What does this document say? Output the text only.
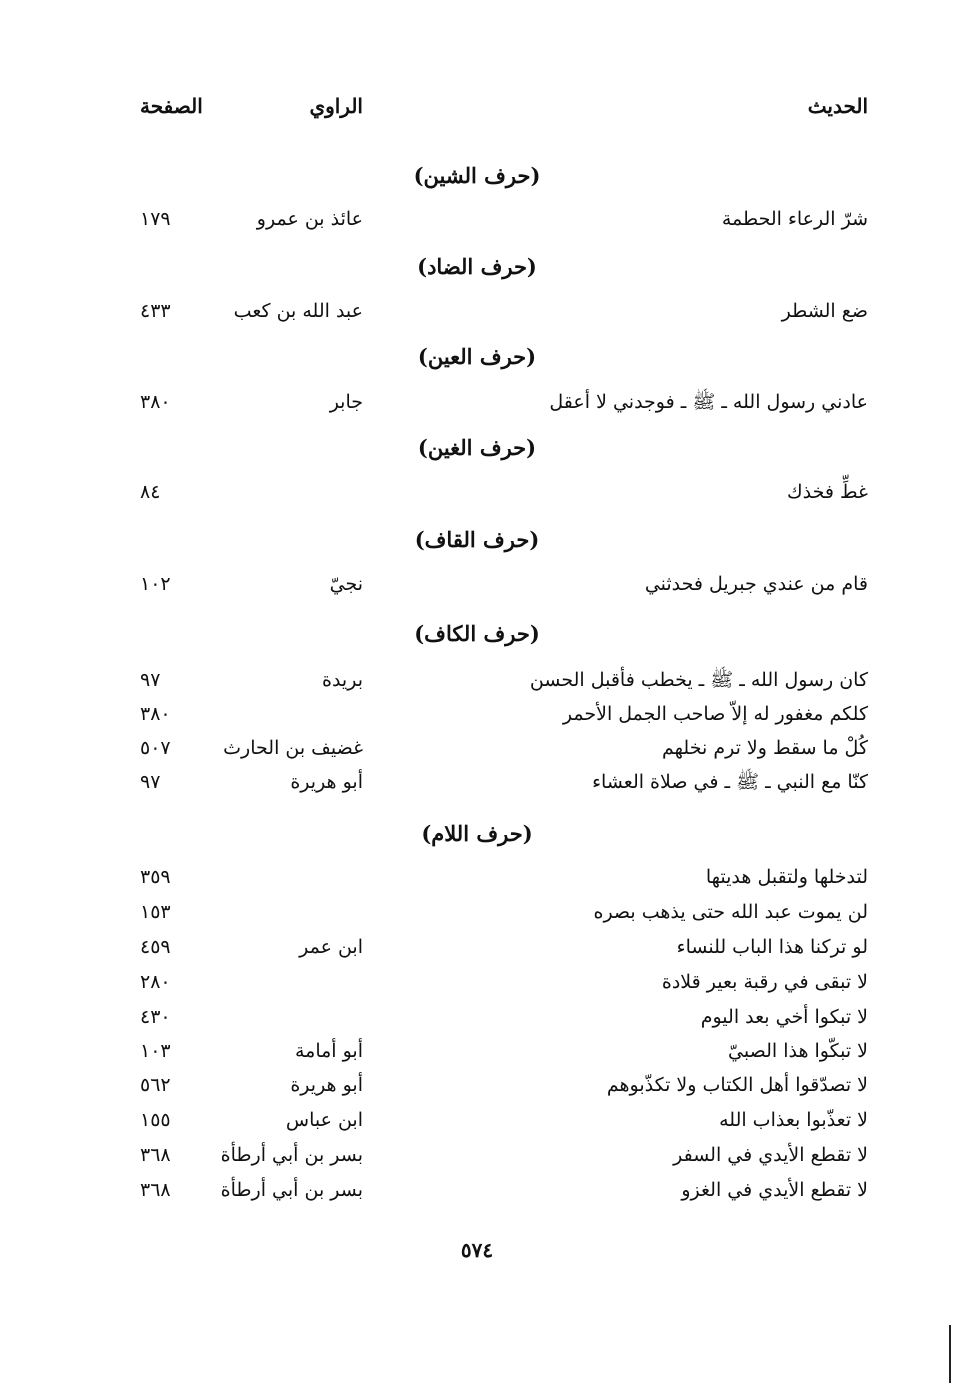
الحديث
الراوي
الصفحة
(حرف الشين)
شرّ الرعاء الحطمة
عائذ بن عمرو
١٧٩
(حرف الضاد)
ضع الشطر
عبد الله بن كعب
٤٣٣
(حرف العين)
عادني رسول الله ـ ﷺ ـ فوجدني لا أعقل
جابر
٣٨٠
(حرف الغين)
غطِّ فخذك
٨٤
(حرف القاف)
قام من عندي جبريل فحدثني
نجيّ
١٠٢
(حرف الكاف)
كان رسول الله ـ ﷺ ـ يخطب فأقبل الحسن
بريدة
٩٧
كلكم مغفور له إلاّ صاحب الجمل الأحمر
٣٨٠
كُلْ ما سقط ولا ترم نخلهم
غضيف بن الحارث
٥٠٧
كنّا مع النبي ـ ﷺ ـ في صلاة العشاء
أبو هريرة
٩٧
(حرف اللام)
لتدخلها ولتقبل هديتها
٣٥٩
لن يموت عبد الله حتى يذهب بصره
١٥٣
لو تركنا هذا الباب للنساء
ابن عمر
٤٥٩
لا تبقى في رقبة بعير قلادة
٢٨٠
لا تبكوا أخي بعد اليوم
٤٣٠
لا تبكّوا هذا الصبيّ
أبو أمامة
١٠٣
لا تصدّقوا أهل الكتاب ولا تكذّبوهم
أبو هريرة
٥٦٢
لا تعذّبوا بعذاب الله
ابن عباس
١٥٥
لا تقطع الأيدي في السفر
بسر بن أبي أرطأة
٣٦٨
لا تقطع الأيدي في الغزو
بسر بن أبي أرطأة
٣٦٨
٥٧٤
